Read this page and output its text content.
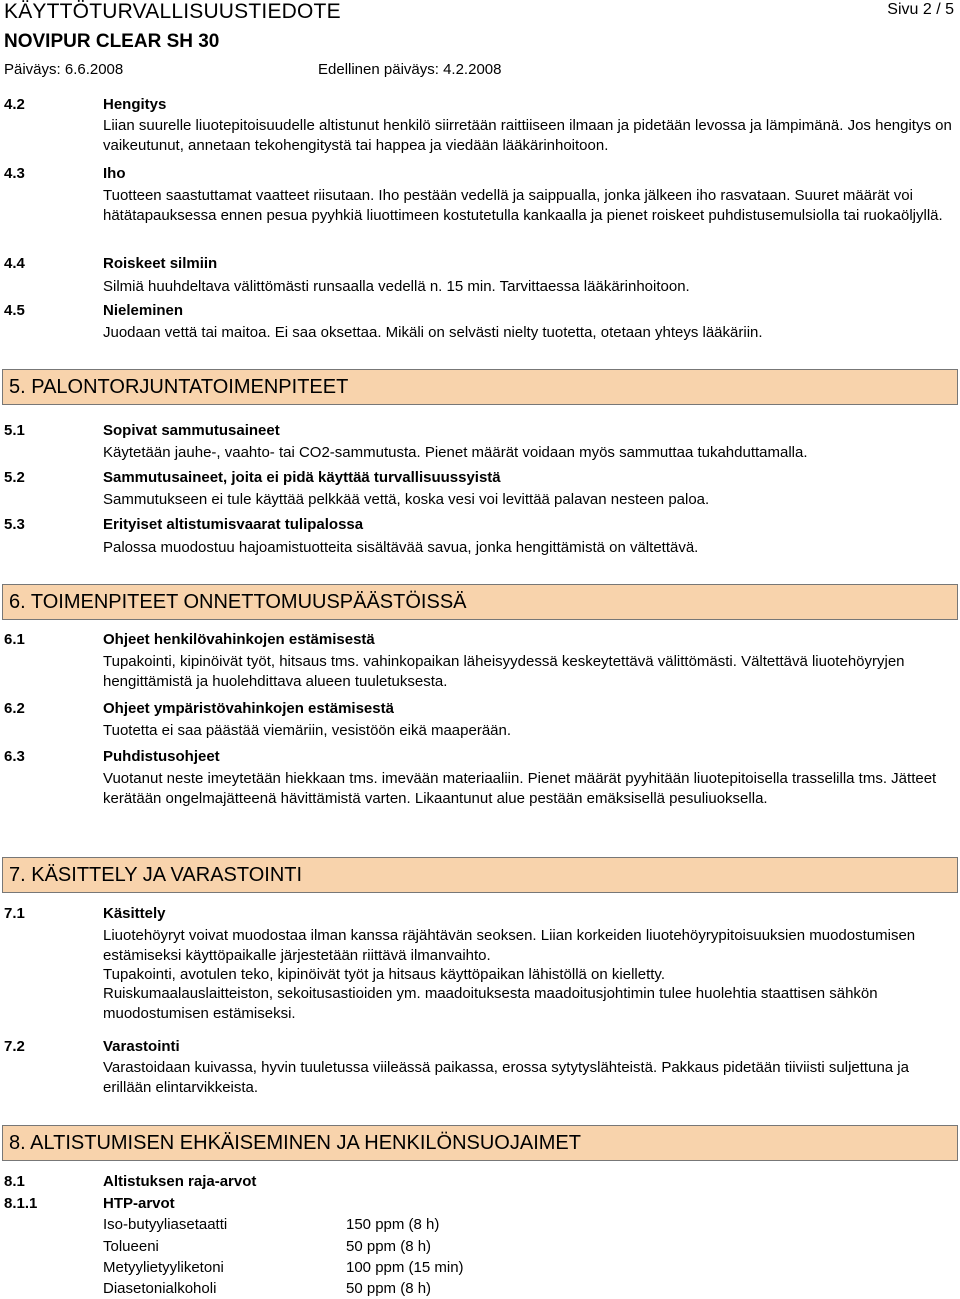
KÄYTTÖTURVALLISUUSTIEDOTE	Sivu 2 / 5
NOVIPUR CLEAR SH 30
Päiväys: 6.6.2008	Edellinen päiväys: 4.2.2008
4.2	Hengitys
Liian suurelle liuotepitoisuudelle altistunut henkilö siirretään raittiiseen ilmaan ja pidetään levossa ja lämpimänä. Jos hengitys on vaikeutunut, annetaan tekohengitystä tai happea ja viedään lääkärinhoitoon.
4.3	Iho
Tuotteen saastuttamat vaatteet riisutaan. Iho pestään vedellä ja saippualla, jonka jälkeen iho rasvataan. Suuret määrät voi hätätapauksessa ennen pesua pyyhkiä liuottimeen kostutetulla kankaalla ja pienet roiskeet puhdistusemulsiolla tai ruokaöljyllä.
4.4	Roiskeet silmiin
Silmiä huuhdeltava välittömästi runsaalla vedellä n. 15 min. Tarvittaessa lääkärinhoitoon.
4.5	Nieleminen
Juodaan vettä tai maitoa. Ei saa oksettaa. Mikäli on selvästi nielty tuotetta, otetaan yhteys lääkäriin.
5. PALONTORJUNTATOIMENPITEET
5.1	Sopivat sammutusaineet
Käytetään jauhe-, vaahto- tai CO2-sammutusta. Pienet määrät voidaan myös sammuttaa tukahduttamalla.
5.2	Sammutusaineet, joita ei pidä käyttää turvallisuussyistä
Sammutukseen ei tule käyttää pelkkää vettä, koska vesi voi levittää palavan nesteen paloa.
5.3	Erityiset altistumisvaarat tulipalossa
Palossa muodostuu hajoamistuotteita sisältävää savua, jonka hengittämistä on vältettävä.
6. TOIMENPITEET ONNETTOMUUSPÄÄSTÖISSÄ
6.1	Ohjeet henkilövahinkojen estämisestä
Tupakointi, kipinöivät työt, hitsaus tms. vahinkopaikan läheisyydessä keskeytettävä välittömästi. Vältettävä liuotehöyryjen hengittämistä ja huolehdittava alueen tuuletuksesta.
6.2	Ohjeet ympäristövahinkojen estämisestä
Tuotetta ei saa päästää viemäriin, vesistöön eikä maaperään.
6.3	Puhdistusohjeet
Vuotanut neste imeytetään hiekkaan tms. imevään materiaaliin. Pienet määrät pyyhitään liuotepitoisella trasselilla tms. Jätteet kerätään ongelmajätteenä hävittämistä varten. Likaantunut alue pestään emäksisellä pesuliuoksella.
7. KÄSITTELY JA VARASTOINTI
7.1	Käsittely
Liuotehöyryt voivat muodostaa ilman kanssa räjähtävän seoksen. Liian korkeiden liuotehöyrypitoisuuksien muodostumisen estämiseksi käyttöpaikalle järjestetään riittävä ilmanvaihto.
Tupakointi, avotulen teko, kipinöivät työt ja hitsaus käyttöpaikan lähistöllä on kielletty.
Ruiskumaalauslaitteiston, sekoitusastioiden ym. maadoituksesta maadoitusjohtimin tulee huolehtia staattisen sähkön muodostumisen estämiseksi.
7.2	Varastointi
Varastoidaan kuivassa, hyvin tuuletussa viileässä paikassa, erossa sytytyslähteistä. Pakkaus pidetään tiiviisti suljettuna ja erillään elintarvikkeista.
8. ALTISTUMISEN EHKÄISEMINEN JA HENKILÖNSUOJAIMET
8.1	Altistuksen raja-arvot
8.1.1	HTP-arvot
Iso-butyyliasetaatti	150 ppm (8 h)
Tolueeni	50 ppm (8 h)
Metyylietyyliketoni	100 ppm (15 min)
Diasetonialkoholi	50 ppm (8 h)
